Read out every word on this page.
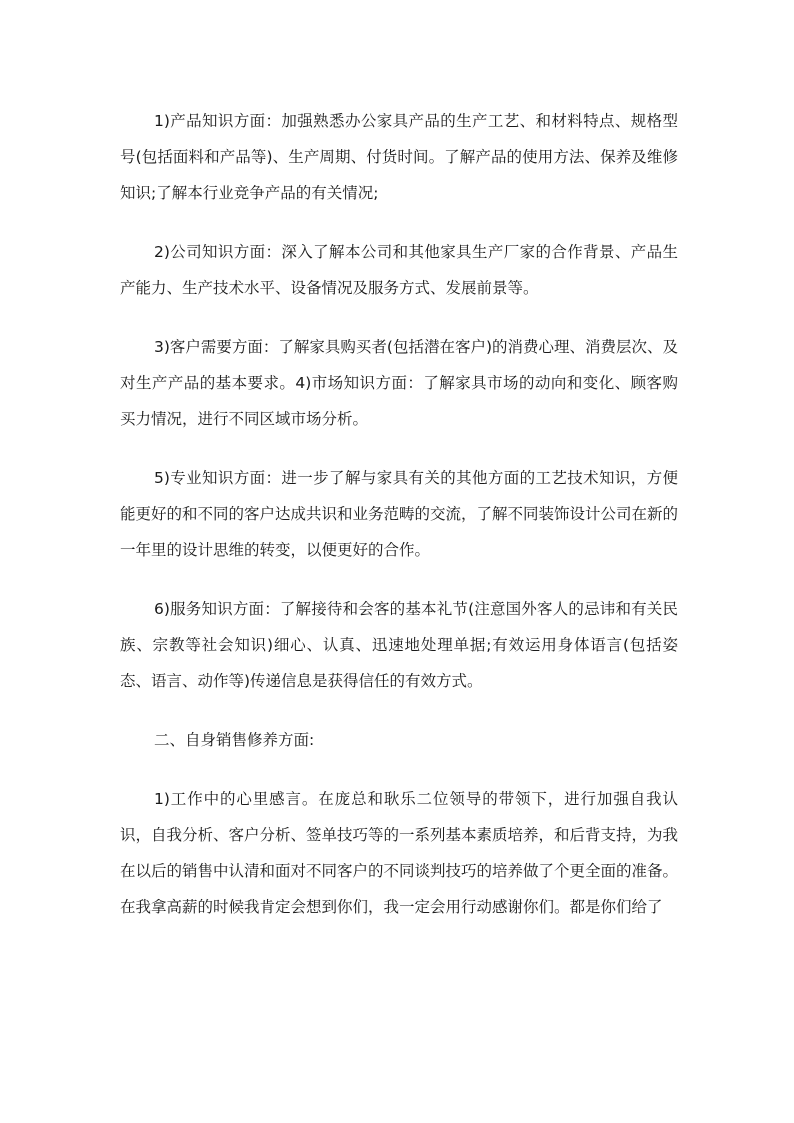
1)产品知识方面：加强熟悉办公家具产品的生产工艺、和材料特点、规格型号(包括面料和产品等)、生产周期、付货时间。了解产品的使用方法、保养及维修知识;了解本行业竞争产品的有关情况;

2)公司知识方面：深入了解本公司和其他家具生产厂家的合作背景、产品生产能力、生产技术水平、设备情况及服务方式、发展前景等。

3)客户需要方面：了解家具购买者(包括潜在客户)的消费心理、消费层次、及对生产产品的基本要求。4)市场知识方面：了解家具市场的动向和变化、顾客购买力情况，进行不同区域市场分析。

5)专业知识方面：进一步了解与家具有关的其他方面的工艺技术知识，方便能更好的和不同的客户达成共识和业务范畴的交流，了解不同装饰设计公司在新的一年里的设计思维的转变，以便更好的合作。

6)服务知识方面：了解接待和会客的基本礼节(注意国外客人的忌讳和有关民族、宗教等社会知识)细心、认真、迅速地处理单据;有效运用身体语言(包括姿态、语言、动作等)传递信息是获得信任的有效方式。

二、自身销售修养方面:

1)工作中的心里感言。在庞总和耿乐二位领导的带领下，进行加强自我认识，自我分析、客户分析、签单技巧等的一系列基本素质培养，和后背支持，为我在以后的销售中认清和面对不同客户的不同谈判技巧的培养做了个更全面的准备。在我拿高薪的时候我肯定会想到你们，我一定会用行动感谢你们。都是你们给了
